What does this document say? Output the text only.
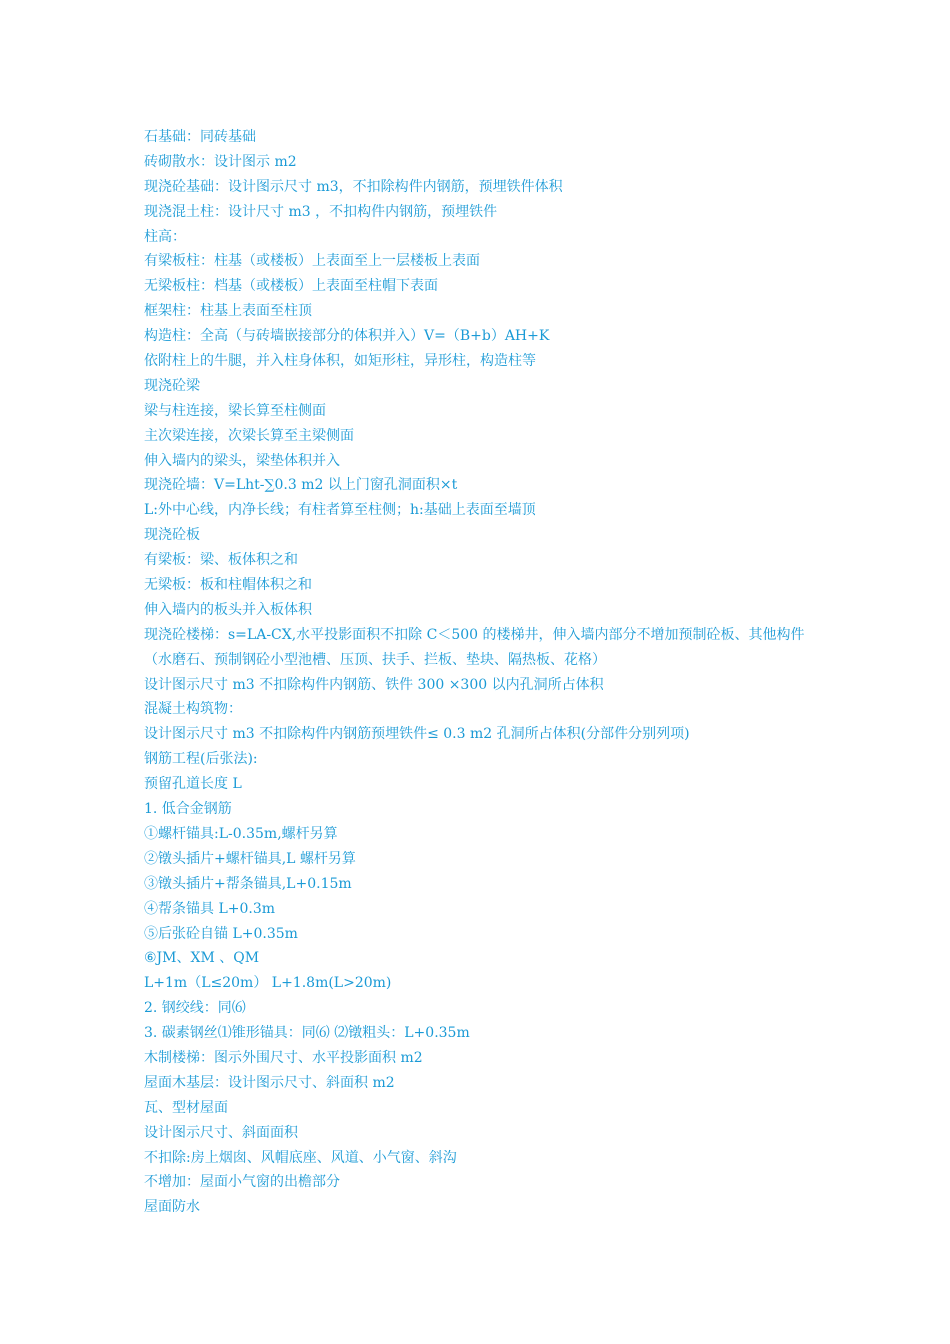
石基础：同砖基础
砖砌散水：设计图示 m2
现浇砼基础：设计图示尺寸 m3，不扣除构件内钢筋，预埋铁件体积
现浇混土柱：设计尺寸 m3 ，不扣构件内钢筋，预埋铁件
柱高：
有梁板柱：柱基（或楼板）上表面至上一层楼板上表面
无梁板柱：档基（或楼板）上表面至柱帽下表面
框架柱：柱基上表面至柱顶
构造柱：全高（与砖墙嵌接部分的体积并入）V=（B+b）AH+K
依附柱上的牛腿，并入柱身体积，如矩形柱，异形柱，构造柱等
现浇砼梁
梁与柱连接，梁长算至柱侧面
主次梁连接，次梁长算至主梁侧面
伸入墙内的梁头，梁垫体积并入
现浇砼墙：V=Lht-∑0.3 m2 以上门窗孔洞面积×t
L:外中心线，内净长线；有柱者算至柱侧；h:基础上表面至墙顶
现浇砼板
有梁板：梁、板体积之和
无梁板：板和柱帽体积之和
伸入墙内的板头并入板体积
现浇砼楼梯：s=LA-CX,水平投影面积不扣除 C＜500 的楼梯井，伸入墙内部分不增加预制砼板、其他构件
（水磨石、预制钢砼小型池槽、压顶、扶手、拦板、垫块、隔热板、花格）
设计图示尺寸 m3 不扣除构件内钢筋、铁件 300 ×300 以内孔洞所占体积
混凝土构筑物：
设计图示尺寸 m3 不扣除构件内钢筋预埋铁件≤ 0.3 m2 孔洞所占体积(分部件分别列项)
钢筋工程(后张法):
预留孔道长度 L
1. 低合金钢筋
①螺杆锚具:L-0.35m,螺杆另算
②镦头插片+螺杆锚具,L 螺杆另算
③镦头插片+帮条锚具,L+0.15m
④帮条锚具 L+0.3m
⑤后张砼自锚 L+0.35m
⑥JM、XM 、QM
L+1m（L≤20m） L+1.8m(L>20m)
2. 钢绞线：同⑹
3. 碳素钢丝⑴锥形锚具：同⑹ ⑵镦粗头：L+0.35m
木制楼梯：图示外围尺寸、水平投影面积 m2
屋面木基层：设计图示尺寸、斜面积 m2
瓦、型材屋面
设计图示尺寸、斜面面积
不扣除:房上烟囱、风帽底座、风道、小气窗、斜沟
不增加：屋面小气窗的出檐部分
屋面防水
